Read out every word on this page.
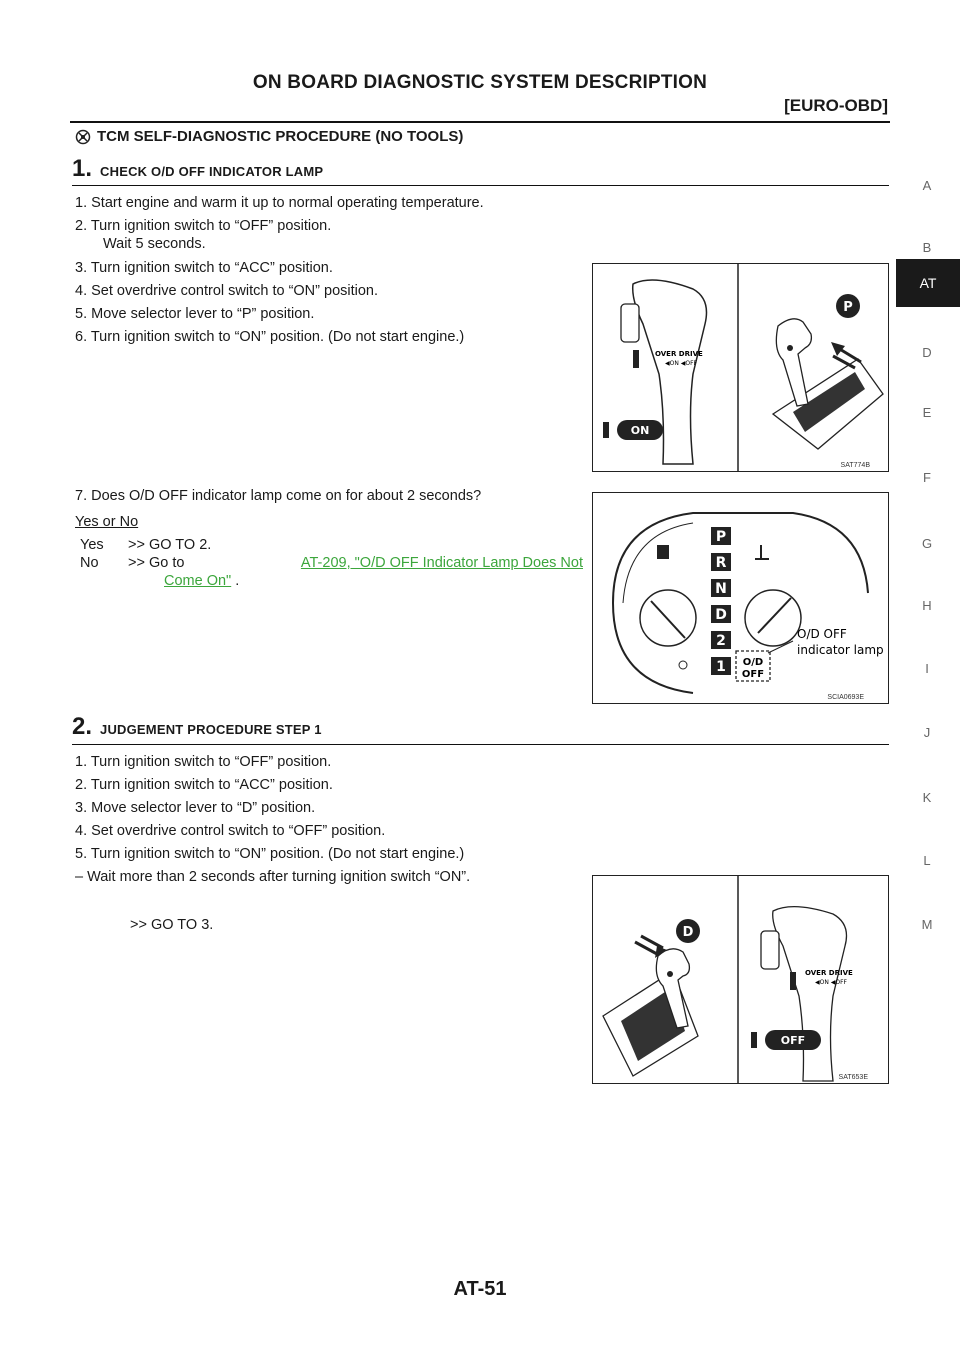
ON BOARD DIAGNOSTIC SYSTEM DESCRIPTION
[EURO-OBD]
A
B
AT
D
E
F
G
H
I
J
K
L
M
TCM SELF-DIAGNOSTIC PROCEDURE (NO TOOLS)
1. CHECK O/D OFF INDICATOR LAMP
1. Start engine and warm it up to normal operating temperature.
2. Turn ignition switch to “OFF” position.
Wait 5 seconds.
3. Turn ignition switch to “ACC” position.
4. Set overdrive control switch to “ON” position.
5. Move selector lever to “P” position.
6. Turn ignition switch to “ON” position. (Do not start engine.)
7. Does O/D OFF indicator lamp come on for about 2 seconds?
Yes or No
Yes >> GO TO 2.
No >> Go to	AT-209, "O/D OFF Indicator Lamp Does Not
Come On" .
OVER DRIVE
◀ON ◀OFF
ON
P
SAT774B
P
R
N
D
2
1 O/D
OFF
O/D OFF
indicator lamp
SCIA0693E
2. JUDGEMENT PROCEDURE STEP 1
1. Turn ignition switch to “OFF” position.
2. Turn ignition switch to “ACC” position.
3. Move selector lever to “D” position.
4. Set overdrive control switch to “OFF” position.
5. Turn ignition switch to “ON” position. (Do not start engine.)
– Wait more than 2 seconds after turning ignition switch “ON”.
>> GO TO 3.	D
OVER DRIVE
◀ON ◀OFF
OFF
SAT653E
AT-51
